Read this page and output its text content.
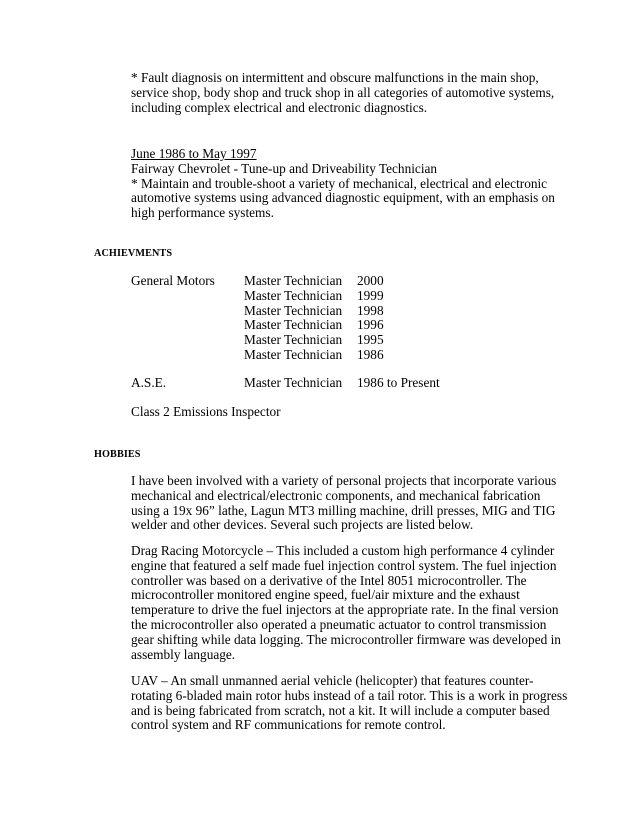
* Fault diagnosis on intermittent and obscure malfunctions in the main shop,
service shop, body shop and truck shop in all categories of automotive systems,
including complex electrical and electronic diagnostics.
June 1986 to May 1997
Fairway Chevrolet - Tune-up and Driveability Technician
* Maintain and trouble-shoot a variety of mechanical, electrical and electronic
automotive systems using advanced diagnostic equipment, with an emphasis on
high performance systems.
ACHIEVMENTS
General Motors	Master Technician	2000
	Master Technician	1999
	Master Technician	1998
	Master Technician	1996
	Master Technician	1995
	Master Technician	1986
A.S.E.	Master Technician	1986 to Present
Class 2 Emissions Inspector
HOBBIES
I have been involved with a variety of personal projects that incorporate various
mechanical and electrical/electronic components, and mechanical fabrication
using a 19x 96” lathe, Lagun MT3 milling machine, drill presses, MIG and TIG
welder and other devices. Several such projects are listed below.
Drag Racing Motorcycle – This included a custom high performance 4 cylinder
engine that featured a self made fuel injection control system. The fuel injection
controller was based on a derivative of the Intel 8051 microcontroller. The
microcontroller monitored engine speed, fuel/air mixture and the exhaust
temperature to drive the fuel injectors at the appropriate rate. In the final version
the microcontroller also operated a pneumatic actuator to control transmission
gear shifting while data logging. The microcontroller firmware was developed in
assembly language.
UAV – An small unmanned aerial vehicle (helicopter) that features counter-
rotating 6-bladed main rotor hubs instead of a tail rotor. This is a work in progress
and is being fabricated from scratch, not a kit. It will include a computer based
control system and RF communications for remote control.
